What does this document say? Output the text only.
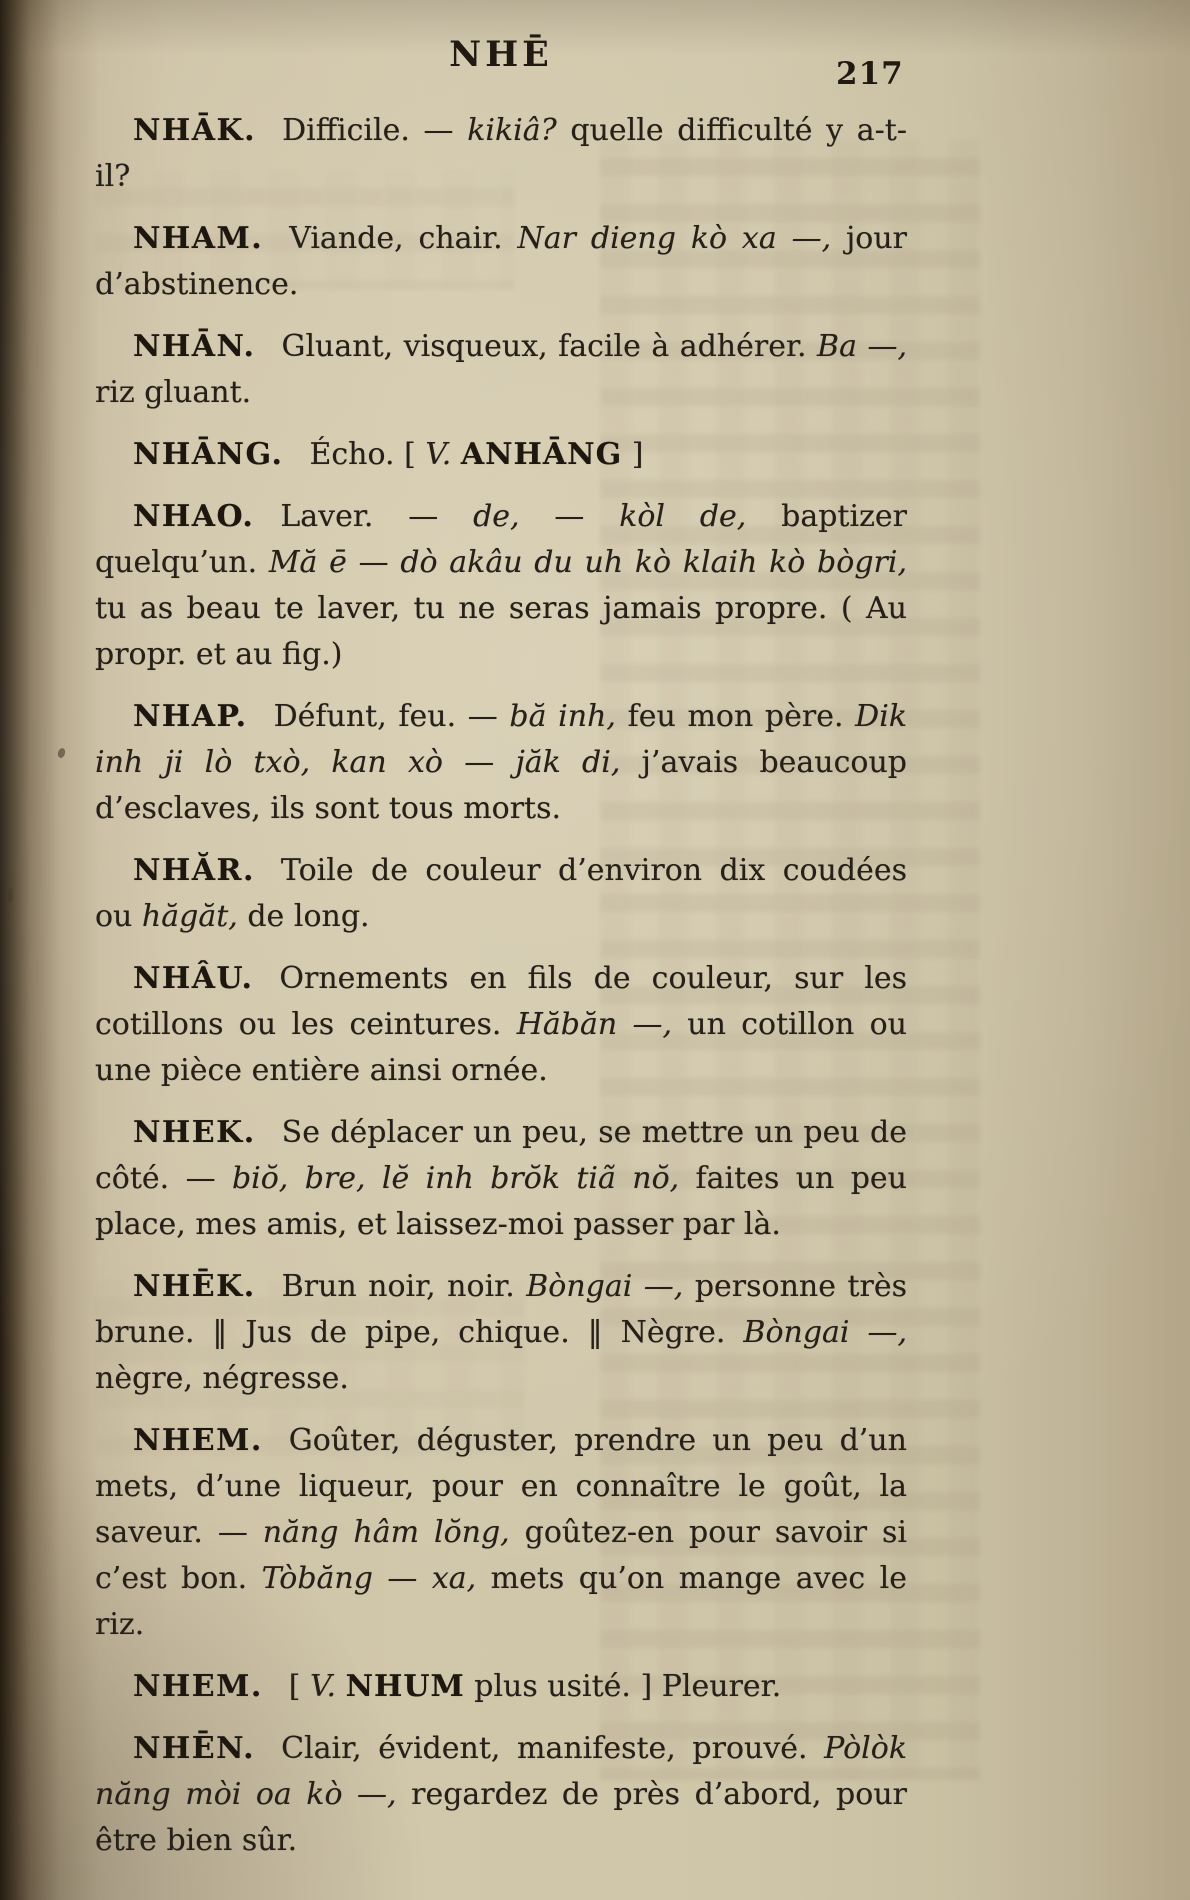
NHĒ	217

NHĀK. Difficile. — kikiâ? quelle difficulté y a-t-il?

NHAM. Viande, chair. Nar dieng kò xa —, jour d’abstinence.

NHĀN. Gluant, visqueux, facile à adhérer. Ba —, riz gluant.

NHĀNG. Écho. [ V. ANHĀNG ]

NHAO. Laver. — de, — kòl de, baptizer quelqu’un. Mă ē — dò akâu du uh kò klaih kò bògri, tu as beau te laver, tu ne seras jamais propre. ( Au propr. et au fig.)

NHAP. Défunt, feu. — bă inh, feu mon père. Dik inh ji lò txò, kan xò — jăk di, j’avais beaucoup d’esclaves, ils sont tous morts.

NHĂR. Toile de couleur d’environ dix coudées ou hăgăt, de long.

NHÂU. Ornements en fils de couleur, sur les cotillons ou les ceintures. Hăbăn —, un cotillon ou une pièce entière ainsi ornée.

NHEK. Se déplacer un peu, se mettre un peu de côté. — biŏ, bre, lĕ inh brŏk tiã nŏ, faites un peu place, mes amis, et laissez-moi passer par là.

NHĒK. Brun noir, noir. Bòngai —, personne très brune. ‖ Jus de pipe, chique. ‖ Nègre. Bòngai —, nègre, négresse.

NHEM. Goûter, déguster, prendre un peu d’un mets, d’une liqueur, pour en connaître le goût, la saveur. — năng hâm lŏng, goûtez-en pour savoir si c’est bon. Tòbăng — xa, mets qu’on mange avec le riz.

NHEM. [ V. NHUM plus usité. ] Pleurer.

NHĒN. Clair, évident, manifeste, prouvé. Pòlòk năng mòi oa kò —, regardez de près d’abord, pour être bien sûr.
